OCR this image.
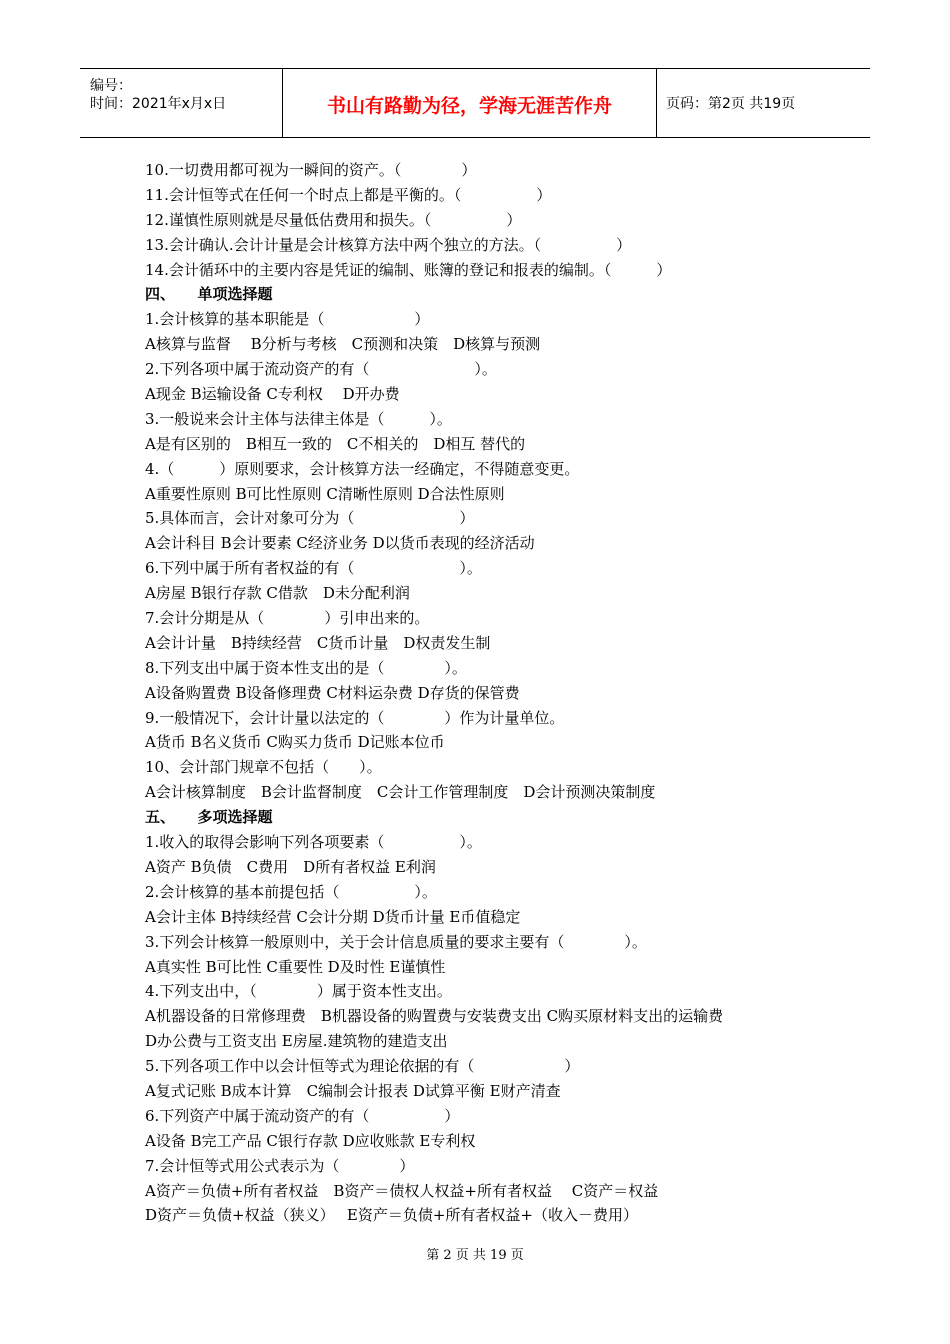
编号：
时间：2021年x月x日	书山有路勤为径，学海无涯苦作舟	页码：第2页 共19页
10.一切费用都可视为一瞬间的资产。（　　　　）
11.会计恒等式在任何一个时点上都是平衡的。（　　　　　）
12.谨慎性原则就是尽量低估费用和损失。（　　　　　）
13.会计确认.会计计量是会计核算方法中两个独立的方法。（　　　　　）
14.会计循环中的主要内容是凭证的编制、账簿的登记和报表的编制。（　　　）
四、　　单项选择题
1.会计核算的基本职能是（　　　　　　）
A核算与监督　 B分析与考核　C预测和决策　D核算与预测
2.下列各项中属于流动资产的有（　　　　　　　）。
A现金 B运输设备 C专利权　 D开办费
3.一般说来会计主体与法律主体是（　　　）。
A是有区别的　B相互一致的　C不相关的　D相互 替代的
4.（　　　）原则要求，会计核算方法一经确定，不得随意变更。
A重要性原则 B可比性原则 C清晰性原则 D合法性原则
5.具体而言，会计对象可分为（　　　　　　　）
A会计科目 B会计要素 C经济业务 D以货币表现的经济活动
6.下列中属于所有者权益的有（　　　　　　　）。
A房屋 B银行存款 C借款　D未分配利润
7.会计分期是从（　　　　）引申出来的。
A会计计量　B持续经营　C货币计量　D权责发生制
8.下列支出中属于资本性支出的是（　　　　）。
A设备购置费 B设备修理费 C材料运杂费 D存货的保管费
9.一般情况下，会计计量以法定的（　　　　）作为计量单位。
A货币 B名义货币 C购买力货币 D记账本位币
10、会计部门规章不包括（　　）。
A会计核算制度　B会计监督制度　C会计工作管理制度　D会计预测决策制度
五、　　多项选择题
1.收入的取得会影响下列各项要素（　　　　　）。
A资产 B负债　C费用　D所有者权益 E利润
2.会计核算的基本前提包括（　　　　　）。
A会计主体 B持续经营 C会计分期 D货币计量 E币值稳定
3.下列会计核算一般原则中，关于会计信息质量的要求主要有（　　　　）。
A真实性 B可比性 C重要性 D及时性 E谨慎性
4.下列支出中，（　　　　）属于资本性支出。
A机器设备的日常修理费　B机器设备的购置费与安装费支出 C购买原材料支出的运输费
D办公费与工资支出 E房屋.建筑物的建造支出
5.下列各项工作中以会计恒等式为理论依据的有（　　　　　　）
A复式记账 B成本计算　C编制会计报表 D试算平衡 E财产清查
6.下列资产中属于流动资产的有（　　　　　）
A设备 B完工产品 C银行存款 D应收账款 E专利权
7.会计恒等式用公式表示为（　　　　）
A资产＝负债+所有者权益　B资产＝债权人权益+所有者权益　 C资产＝权益
D资产＝负债+权益（狭义）　 E资产＝负债+所有者权益+（收入－费用）
第 2 页 共 19 页
